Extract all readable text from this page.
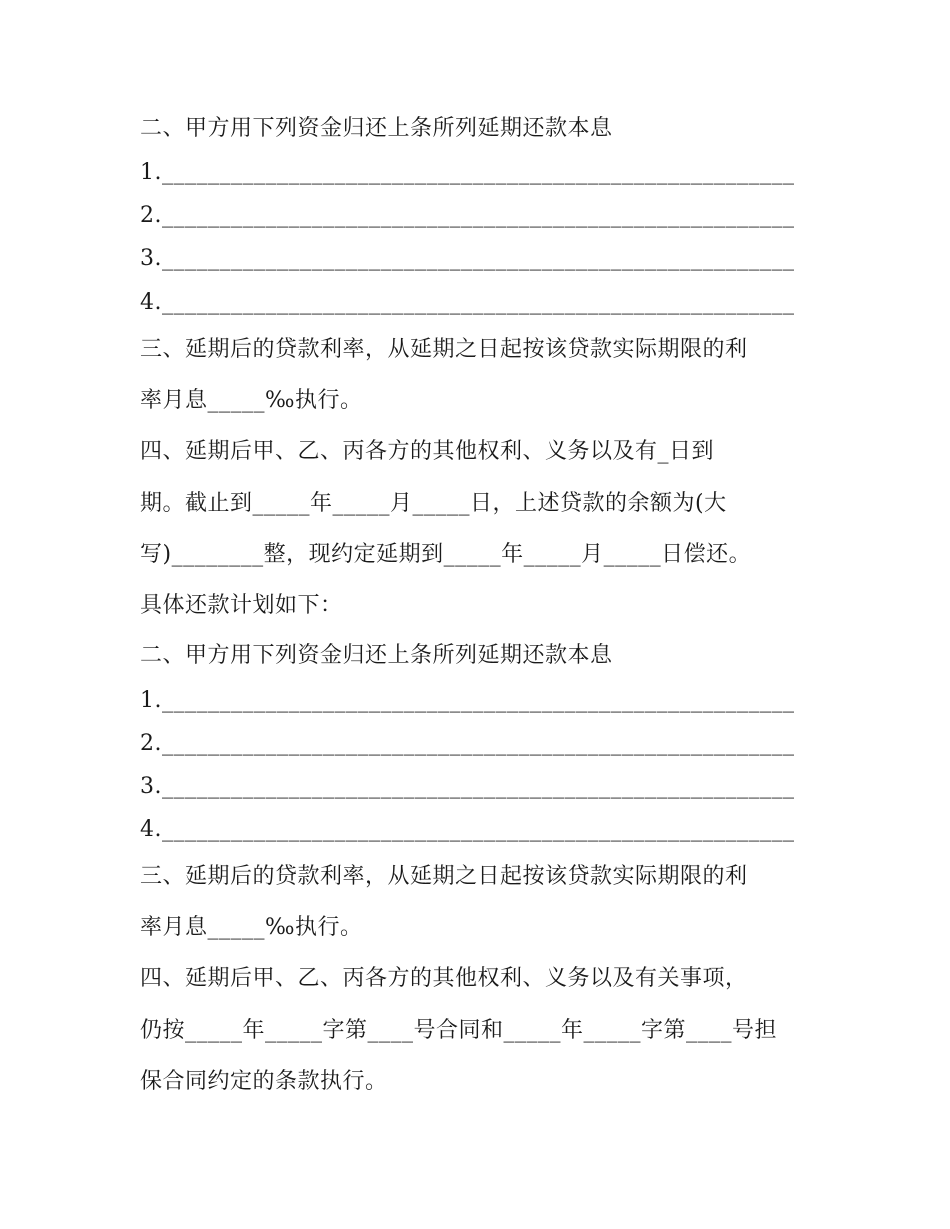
二、甲方用下列资金归还上条所列延期还款本息
1._______________________________________________________
2._______________________________________________________
3._______________________________________________________
4._______________________________________________________
三、延期后的贷款利率，从延期之日起按该贷款实际期限的利
率月息_____‰执行。
四、延期后甲、乙、丙各方的其他权利、义务以及有_日到
期。截止到_____年_____月_____日，上述贷款的余额为(大
写)________整，现约定延期到_____年_____月_____日偿还。
具体还款计划如下：
二、甲方用下列资金归还上条所列延期还款本息
1._______________________________________________________
2._______________________________________________________
3._______________________________________________________
4._______________________________________________________
三、延期后的贷款利率，从延期之日起按该贷款实际期限的利
率月息_____‰执行。
四、延期后甲、乙、丙各方的其他权利、义务以及有关事项，
仍按_____年_____字第____号合同和_____年_____字第____号担
保合同约定的条款执行。
